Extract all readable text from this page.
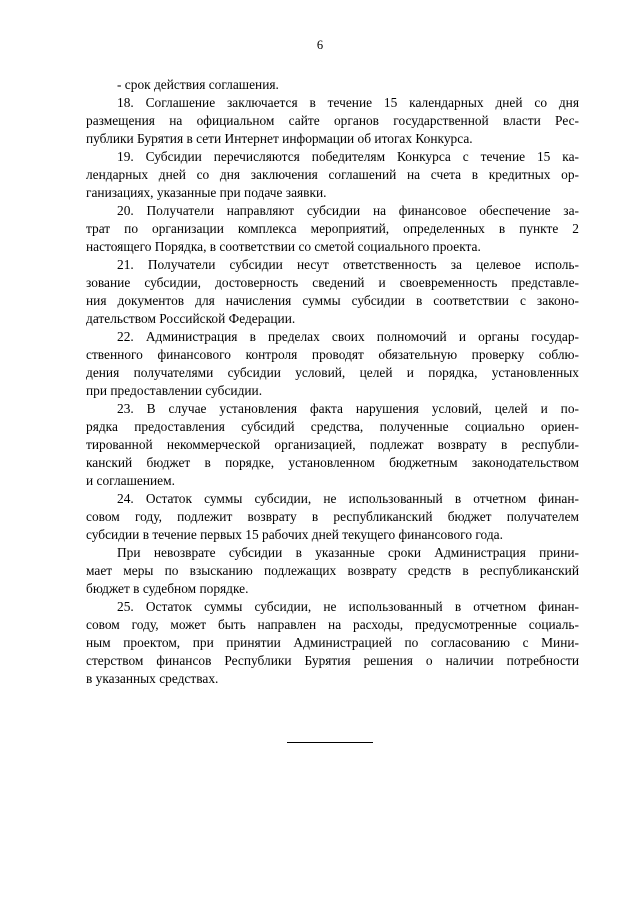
6
- срок действия соглашения.
18. Соглашение заключается в течение 15 календарных дней со дня
размещения на официальном сайте органов государственной власти Рес-
публики Бурятия в сети Интернет информации об итогах Конкурса.
19. Субсидии перечисляются победителям Конкурса с течение 15 ка-
лендарных дней со дня заключения соглашений на счета в кредитных ор-
ганизациях, указанные при подаче заявки.
20. Получатели направляют субсидии на финансовое обеспечение за-
трат по организации комплекса мероприятий, определенных в пункте 2
настоящего Порядка, в соответствии со сметой социального проекта.
21. Получатели субсидии несут ответственность за целевое исполь-
зование субсидии, достоверность сведений и своевременность представле-
ния документов для начисления суммы субсидии в соответствии с законо-
дательством Российской Федерации.
22. Администрация в пределах своих полномочий и органы государ-
ственного финансового контроля проводят обязательную проверку соблю-
дения получателями субсидии условий, целей и порядка, установленных
при предоставлении субсидии.
23. В случае установления факта нарушения условий, целей и по-
рядка предоставления субсидий средства, полученные социально ориен-
тированной некоммерческой организацией, подлежат возврату в республи-
канский бюджет в порядке, установленном бюджетным законодательством
и соглашением.
24. Остаток суммы субсидии, не использованный в отчетном финан-
совом году, подлежит возврату в республиканский бюджет получателем
субсидии в течение первых 15 рабочих дней текущего финансового года.
При невозврате субсидии в указанные сроки Администрация прини-
мает меры по взысканию подлежащих возврату средств в республиканский
бюджет в судебном порядке.
25. Остаток суммы субсидии, не использованный в отчетном финан-
совом году, может быть направлен на расходы, предусмотренные социаль-
ным проектом, при принятии Администрацией по согласованию с Мини-
стерством финансов Республики Бурятия решения о наличии потребности
в указанных средствах.
